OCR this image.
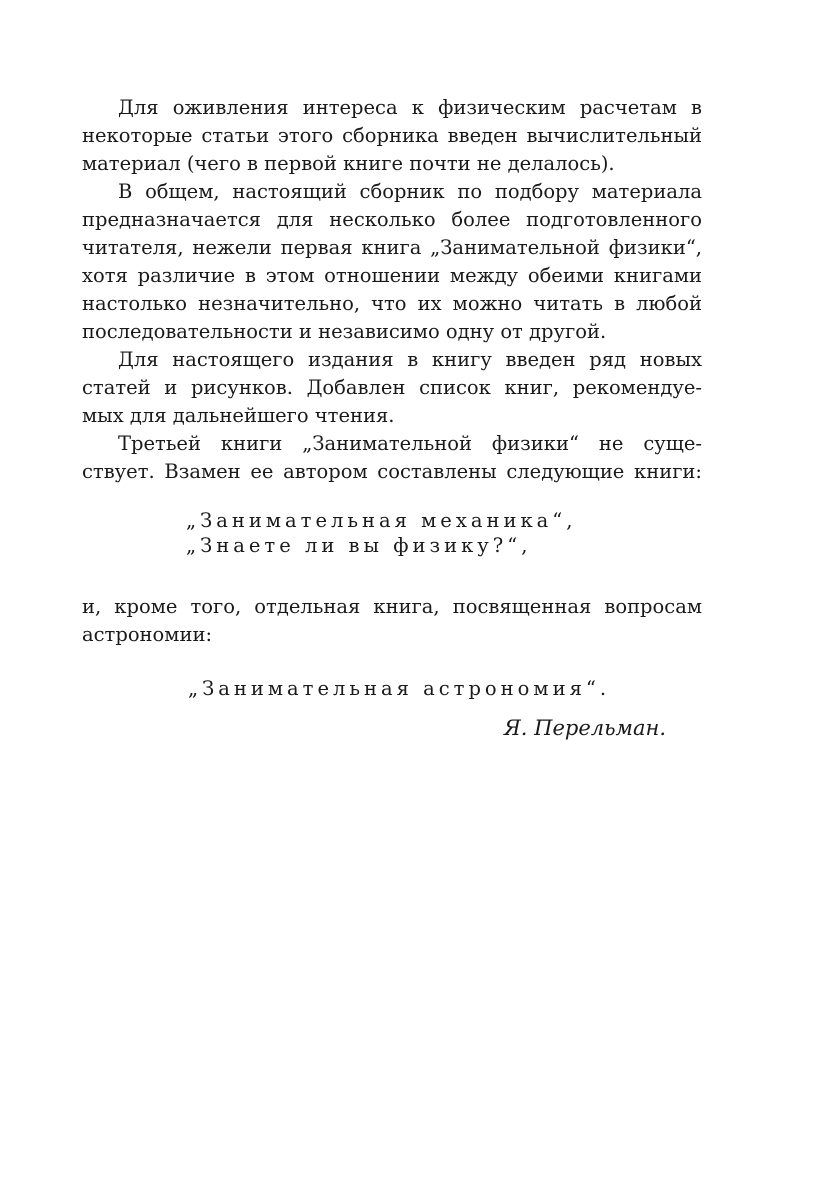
Для оживления интереса к физическим расчетам в
некоторые статьи этого сборника введен вычислительный
материал (чего в первой книге почти не делалось).

В общем, настоящий сборник по подбору материала
предназначается для несколько более подготовленного
читателя, нежели первая книга „Занимательной физики“,
хотя различие в этом отношении между обеими книгами
настолько незначительно, что их можно читать в любой
последовательности и независимо одну от другой.

Для настоящего издания в книгу введен ряд новых
статей и рисунков. Добавлен список книг, рекомендуе-
мых для дальнейшего чтения.

Третьей книги „Занимательной физики“ не суще-
ствует. Взамен ее автором составлены следующие книги:

„Занимательная механика“,
„Знаете ли вы физику?“,

и, кроме того, отдельная книга, посвященная вопросам
астрономии:

„Занимательная астрономия“.
Я. Перельман.
